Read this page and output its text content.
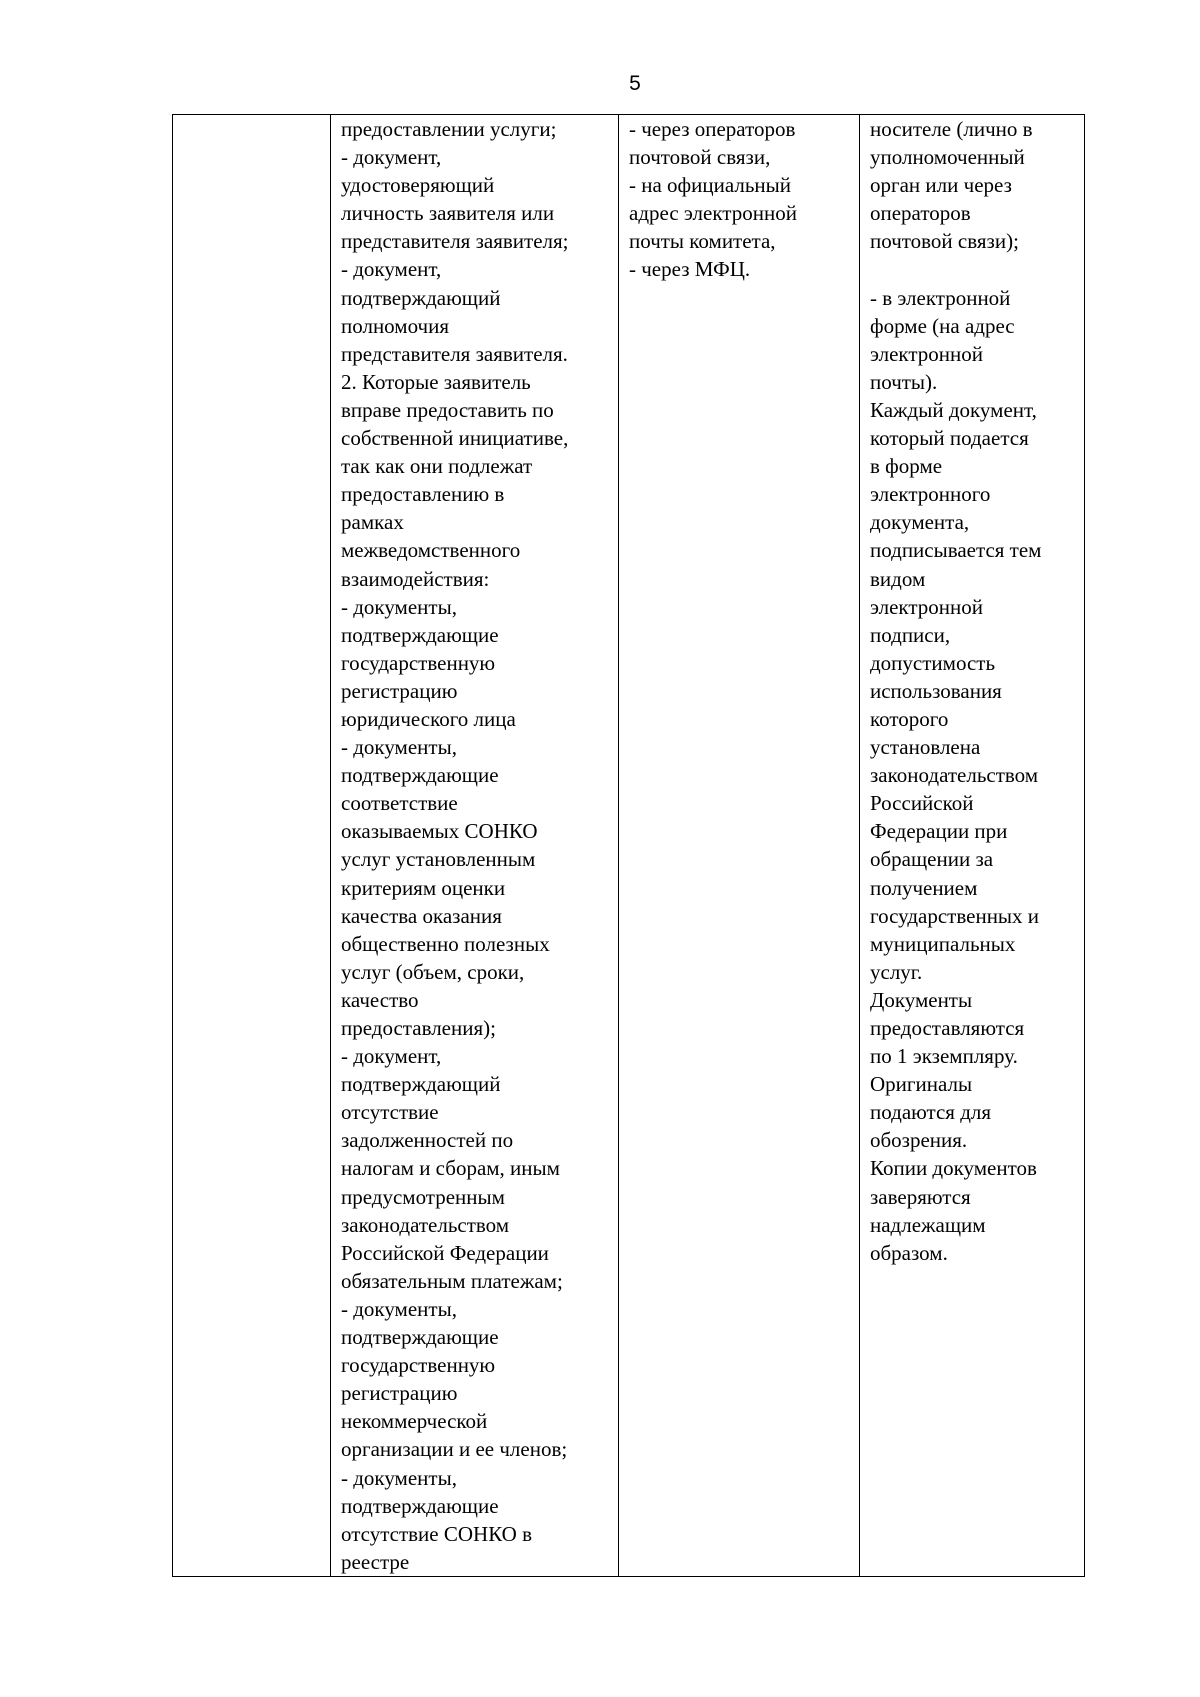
5
	предоставлении услуги;
- документ,
удостоверяющий
личность заявителя или
представителя заявителя;
- документ,
подтверждающий
полномочия
представителя заявителя.
2. Которые заявитель
вправе предоставить по
собственной инициативе,
так как они подлежат
предоставлению в
рамках
межведомственного
взаимодействия:
- документы,
подтверждающие
государственную
регистрацию
юридического лица
- документы,
подтверждающие
соответствие
оказываемых СОНКО
услуг установленным
критериям оценки
качества оказания
общественно полезных
услуг (объем, сроки,
качество
предоставления);
- документ,
подтверждающий
отсутствие
задолженностей по
налогам и сборам, иным
предусмотренным
законодательством
Российской Федерации
обязательным платежам;
- документы,
подтверждающие
государственную
регистрацию
некоммерческой
организации и ее членов;
- документы,
подтверждающие
отсутствие СОНКО в
реестре	- через операторов
почтовой связи,
- на официальный
адрес электронной
почты комитета,
- через МФЦ.	носителе (лично в
уполномоченный
орган или через
операторов
почтовой связи);

- в электронной
форме (на адрес
электронной
почты).
Каждый документ,
который подается
в форме
электронного
документа,
подписывается тем
видом
электронной
подписи,
допустимость
использования
которого
установлена
законодательством
Российской
Федерации при
обращении за
получением
государственных и
муниципальных
услуг.
Документы
предоставляются
по 1 экземпляру.
Оригиналы
подаются для
обозрения.
Копии документов
заверяются
надлежащим
образом.
